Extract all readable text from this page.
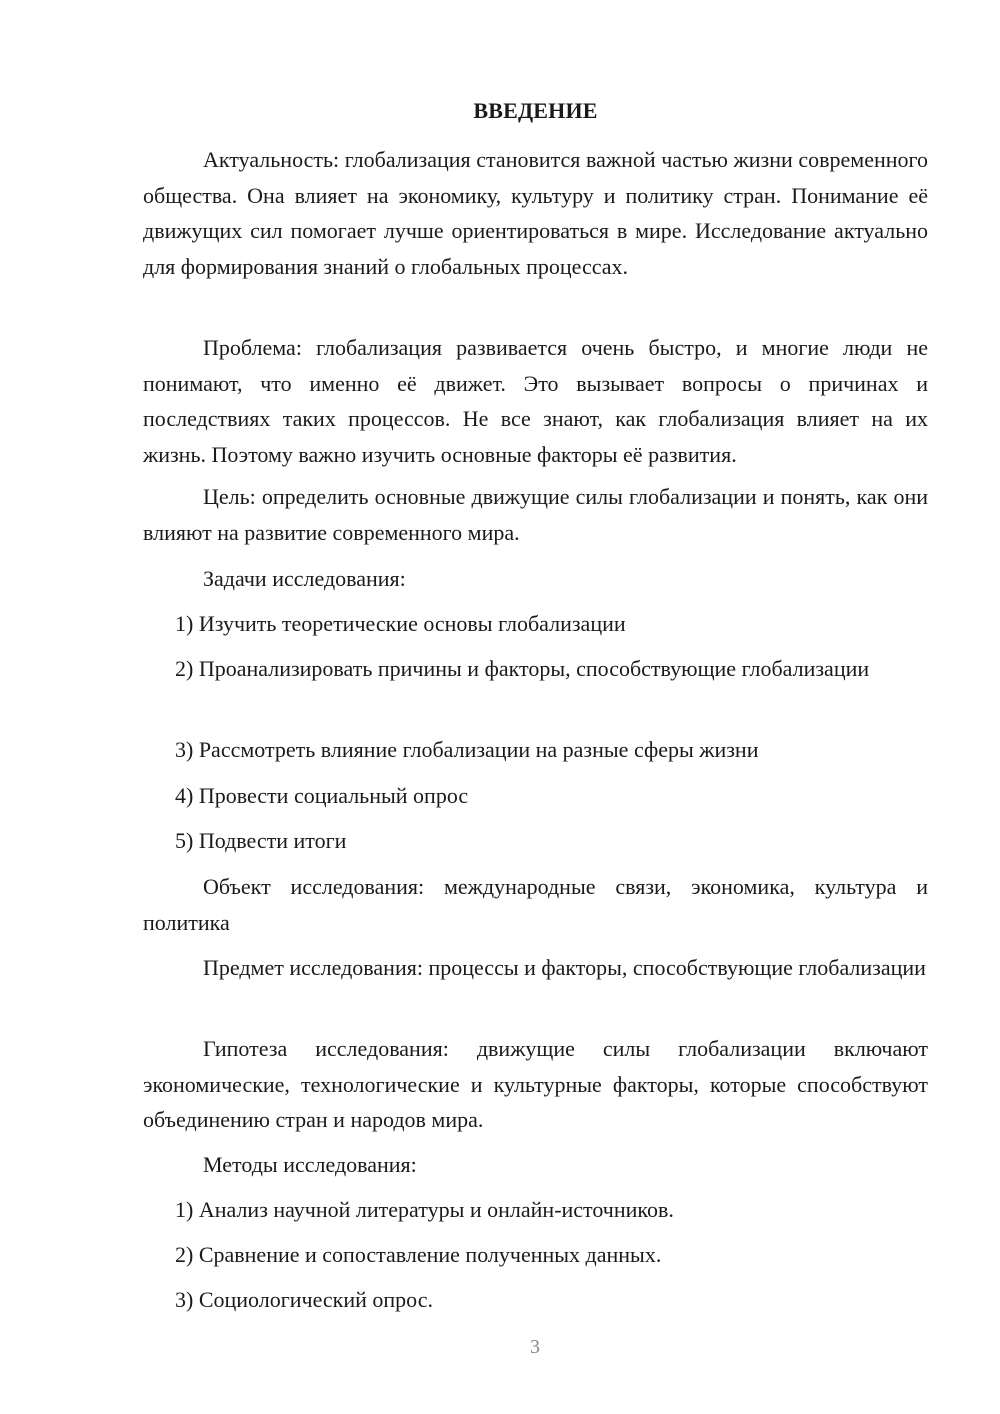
ВВЕДЕНИЕ

Актуальность: глобализация становится важной частью жизни современного общества. Она влияет на экономику, культуру и политику стран. Понимание её движущих сил помогает лучше ориентироваться в мире. Исследование актуально для формирования знаний о глобальных процессах.

Проблема: глобализация развивается очень быстро, и многие люди не понимают, что именно её движет. Это вызывает вопросы о причинах и последствиях таких процессов. Не все знают, как глобализация влияет на их жизнь. Поэтому важно изучить основные факторы её развития.

Цель: определить основные движущие силы глобализации и понять, как они влияют на развитие современного мира.

Задачи исследования:

1) Изучить теоретические основы глобализации

2) Проанализировать причины и факторы, способствующие глобализации

3) Рассмотреть влияние глобализации на разные сферы жизни

4) Провести социальный опрос

5) Подвести итоги

Объект исследования: международные связи, экономика, культура и политика

Предмет исследования: процессы и факторы, способствующие глобализации

Гипотеза исследования: движущие силы глобализации включают экономические, технологические и культурные факторы, которые способствуют объединению стран и народов мира.

Методы исследования:

1) Анализ научной литературы и онлайн-источников.

2) Сравнение и сопоставление полученных данных.

3) Социологический опрос.

3
